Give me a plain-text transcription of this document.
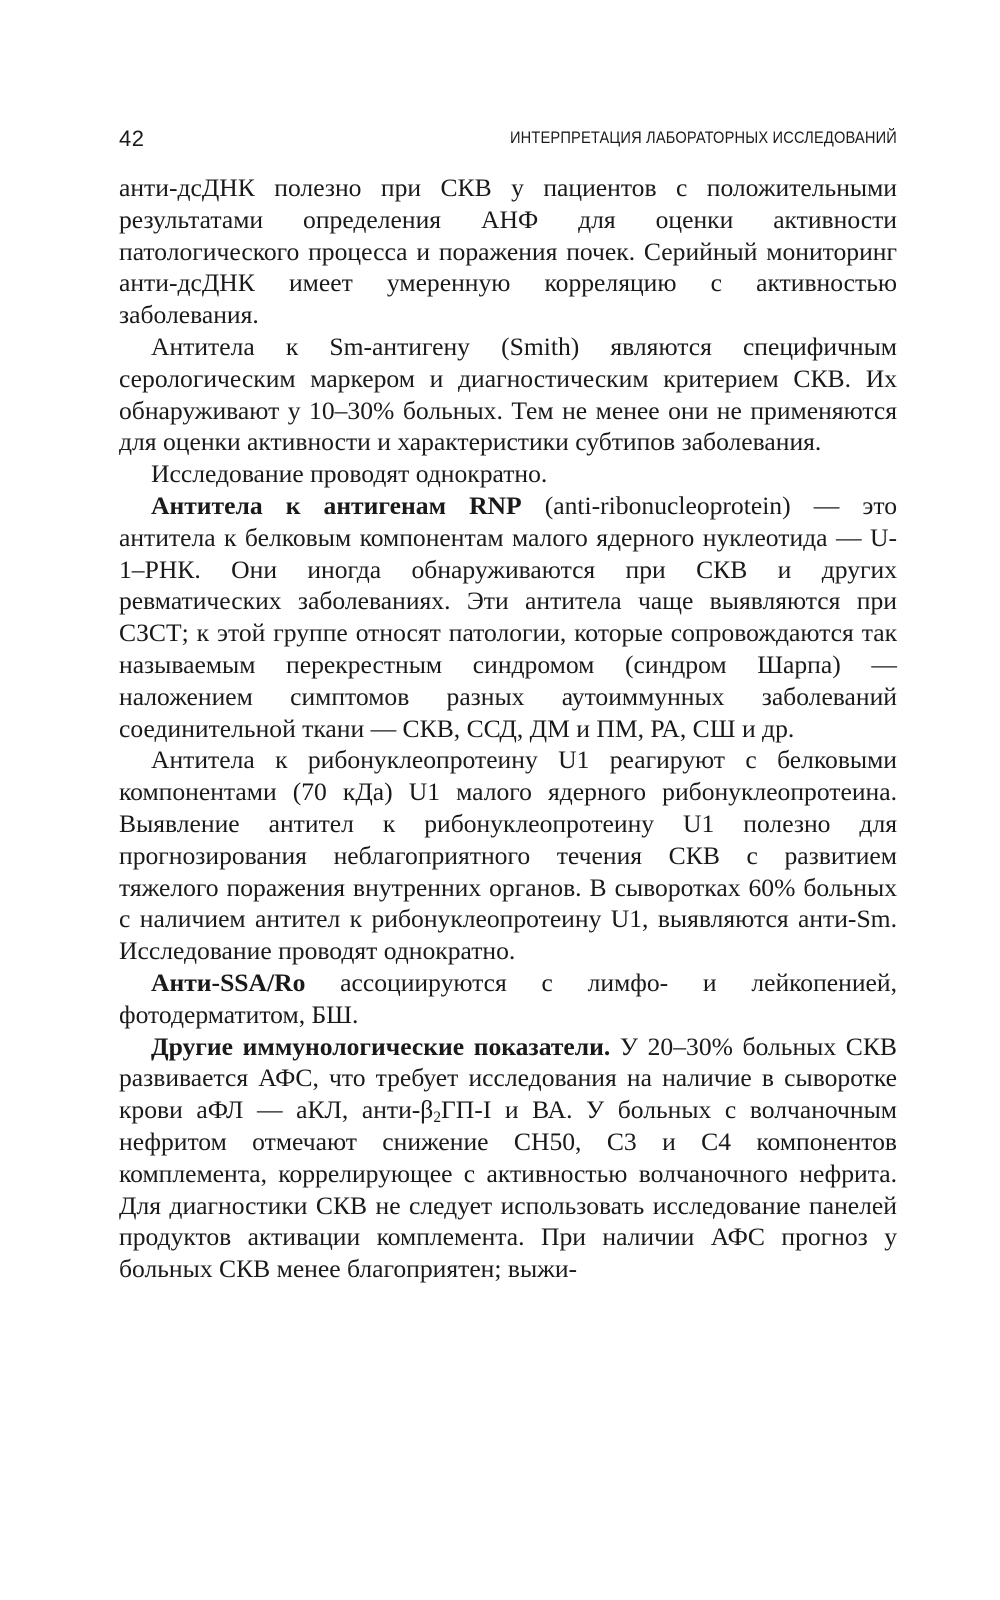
42	ИНТЕРПРЕТАЦИЯ ЛАБОРАТОРНЫХ ИССЛЕДОВАНИЙ

анти-дсДНК полезно при СКВ у пациентов с положительными результатами определения АНФ для оценки активности патологического процесса и поражения почек. Серийный мониторинг анти-дсДНК имеет умеренную корреляцию с активностью заболевания.

Антитела к Sm-антигену (Smith) являются специфичным серологическим маркером и диагностическим критерием СКВ. Их обнаруживают у 10–30% больных. Тем не менее они не применяются для оценки активности и характеристики субтипов заболевания.

Исследование проводят однократно.

Антитела к антигенам RNP (anti-ribonucleoprotein) — это антитела к белковым компонентам малого ядерного нуклеотида — U-1–РНК. Они иногда обнаруживаются при СКВ и других ревматических заболеваниях. Эти антитела чаще выявляются при СЗСТ; к этой группе относят патологии, которые сопровождаются так называемым перекрестным синдромом (синдром Шарпа) — наложением симптомов разных аутоиммунных заболеваний соединительной ткани — СКВ, ССД, ДМ и ПМ, РА, СШ и др.

Антитела к рибонуклеопротеину U1 реагируют с белковыми компонентами (70 кДа) U1 малого ядерного рибонуклеопротеина. Выявление антител к рибонуклеопротеину U1 полезно для прогнозирования неблагоприятного течения СКВ с развитием тяжелого поражения внутренних органов. В сыворотках 60% больных с наличием антител к рибонуклеопротеину U1, выявляются анти-Sm. Исследование проводят однократно.

Анти-SSA/Ro ассоциируются с лимфо- и лейкопенией, фотодерматитом, БШ.

Другие иммунологические показатели. У 20–30% больных СКВ развивается АФС, что требует исследования на наличие в сыворотке крови аФЛ — аКЛ, анти-$\beta_2ГП-I$ и ВА. У больных с волчаночным нефритом отмечают снижение СН50, С3 и С4 компонентов комплемента, коррелирующее с активностью волчаночного нефрита. Для диагностики СКВ не следует использовать исследование панелей продуктов активации комплемента. При наличии АФС прогноз у больных СКВ менее благоприятен; выжи-
